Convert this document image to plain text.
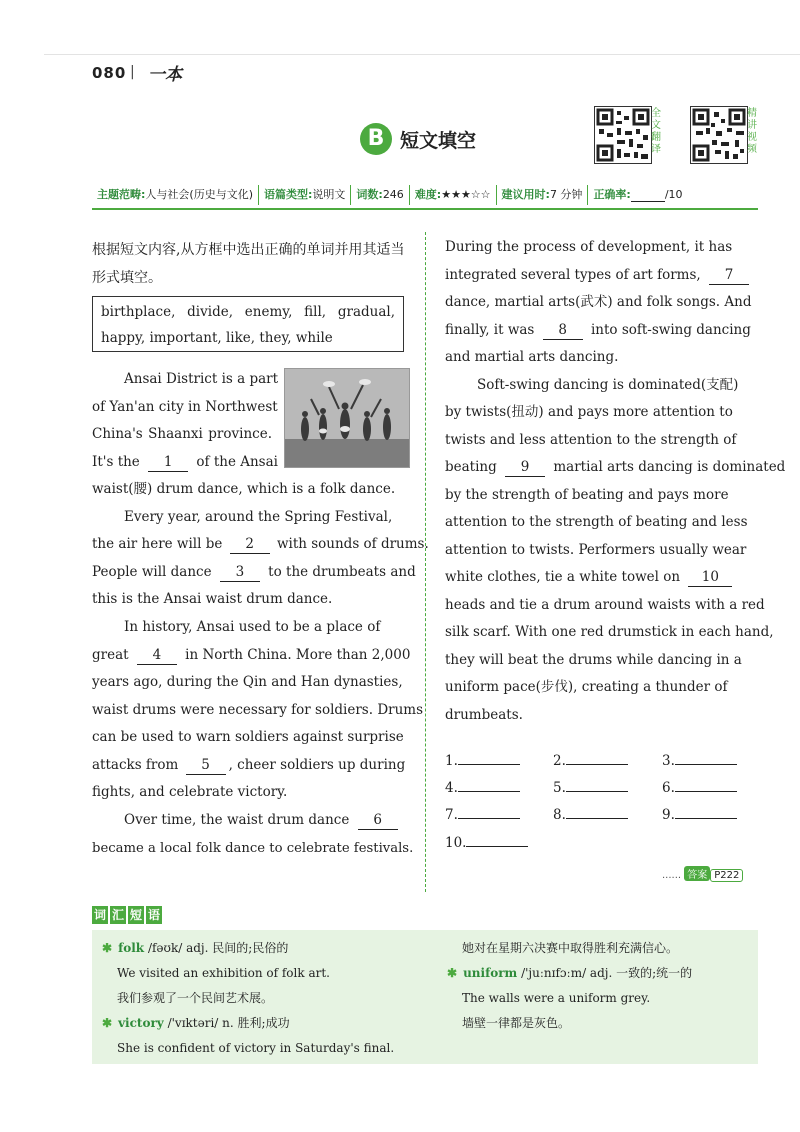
080 | 一本
B 短文填空
全
文
翻
译
精
讲
视
频
主题范畴:人与社会(历史与文化)	语篇类型:说明文	词数:246	难度:★★★☆☆	建议用时:7 分钟	正确率:	/10
根据短文内容,从方框中选出正确的单词并用其适当形式填空。
birthplace, divide, enemy, fill, gradual,
happy, important, like, they, while
Ansai District is a part
of Yan'an city in Northwest
China's Shaanxi province.
It's the 1 of the Ansai
waist(腰) drum dance, which is a folk dance.
Every year, around the Spring Festival,
the air here will be 2 with sounds of drums.
People will dance 3 to the drumbeats and
this is the Ansai waist drum dance.
In history, Ansai used to be a place of
great 4 in North China. More than 2,000
years ago, during the Qin and Han dynasties,
waist drums were necessary for soldiers. Drums
can be used to warn soldiers against surprise
attacks from 5 , cheer soldiers up during
fights, and celebrate victory.
Over time, the waist drum dance 6
became a local folk dance to celebrate festivals.
During the process of development, it has
integrated several types of art forms, 7
dance, martial arts(武术) and folk songs. And
finally, it was 8 into soft-swing dancing
and martial arts dancing.
Soft-swing dancing is dominated(支配)
by twists(扭动) and pays more attention to
twists and less attention to the strength of
beating 9 martial arts dancing is dominated
by the strength of beating and pays more
attention to the strength of beating and less
attention to twists. Performers usually wear
white clothes, tie a white towel on 10
heads and tie a drum around waists with a red
silk scarf. With one red drumstick in each hand,
they will beat the drums while dancing in a
uniform pace(步伐), creating a thunder of
drumbeats.
1.	2.	3.
4.	5.	6.
7.	8.	9.
10.
...... 答案 P222
词 汇 短 语
✱ folk /fəʊk/ adj. 民间的;民俗的
We visited an exhibition of folk art.
我们参观了一个民间艺术展。
✱ victory /'vɪktəri/ n. 胜利;成功
She is confident of victory in Saturday's final.
她对在星期六决赛中取得胜利充满信心。
✱ uniform /'juːnɪfɔːm/ adj. 一致的;统一的
The walls were a uniform grey.
墙壁一律都是灰色。
